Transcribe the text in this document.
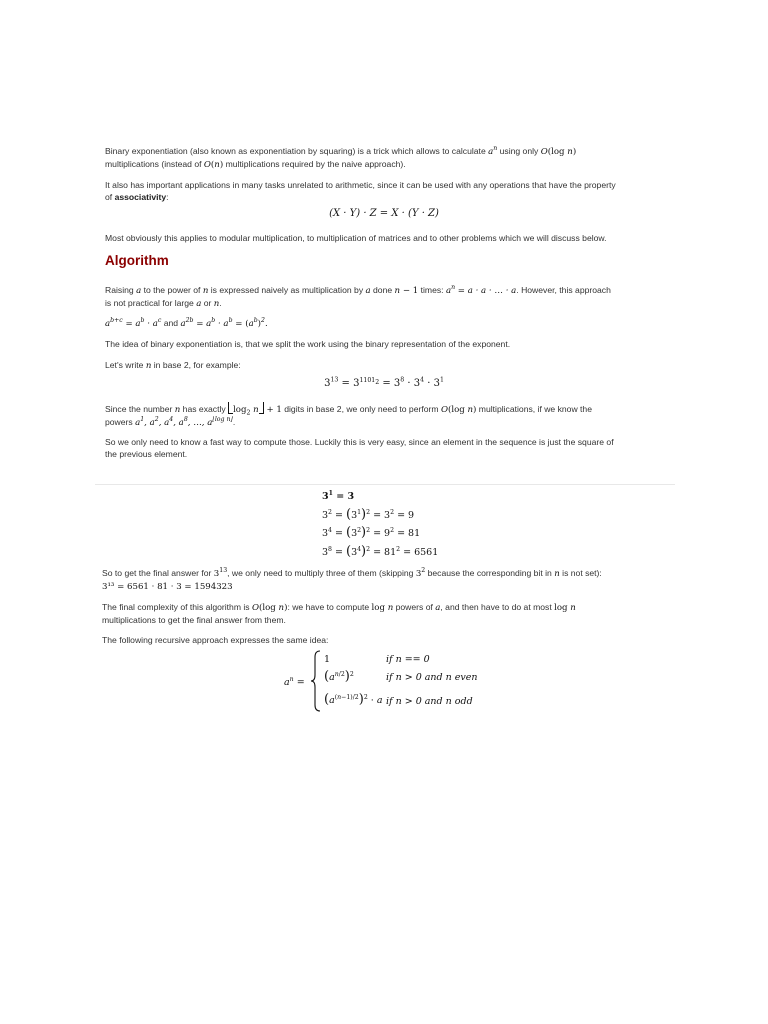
Binary exponentiation (also known as exponentiation by squaring) is a trick which allows to calculate $a^n$ using only O(log n)
multiplications (instead of O(n) multiplications required by the naive approach).

It also has important applications in many tasks unrelated to arithmetic, since it can be used with any operations that have the property
of associativity:

(X · Y) · Z = X · (Y · Z)

Most obviously this applies to modular multiplication, to multiplication of matrices and to other problems which we will discuss below.

Algorithm

Raising a to the power of n is expressed naively as multiplication by a done n − 1 times: $a^n = a \cdot a$ · … · a. However, this approach
is not practical for large a or n.

$a^{b+c} = a^b \cdot a^c$ and $a^{2b} = a^b \cdot a^b = (a^b)^2$.

The idea of binary exponentiation is, that we split the work using the binary representation of the exponent.

Let's write n in base 2, for example:

$3^{13} = 3^{1101_2} = 3^8 \cdot 3^4 \cdot 3^1$

Since the number n has exactly $\log_2 n + 1$ digits in base 2, we only need to perform O(log n) multiplications, if we know the
powers $a^1$, $a^2$, $a^4$, $a^8$, …, $a^{⌊log n⌋}$.

So we only need to know a fast way to compute those. Luckily this is very easy, since an element in the sequence is just the square of
the previous element.

$3^1 = 3$
$3^2 = (3^1)^2 = 3^2 = 9$
$3^4 = (3^2)^2 = 9^2 = 81$
$3^8 = (3^4)^2 = 81^2 = 6561$

So to get the final answer for $3^{13}$, we only need to multiply three of them (skipping $3^2$ because the corresponding bit in n is not set):
3¹³ = 6561 · 81 · 3 = 1594323

The final complexity of this algorithm is O(log n): we have to compute log n powers of a, and then have to do at most log n
multiplications to get the final answer from them.

The following recursive approach expresses the same idea:

$a^n$ =
1
$(a^{n/2})^2$
$(a^{(n-1)/2})^2 \cdot a$
if n == 0
if n > 0 and n even
if n > 0 and n odd
